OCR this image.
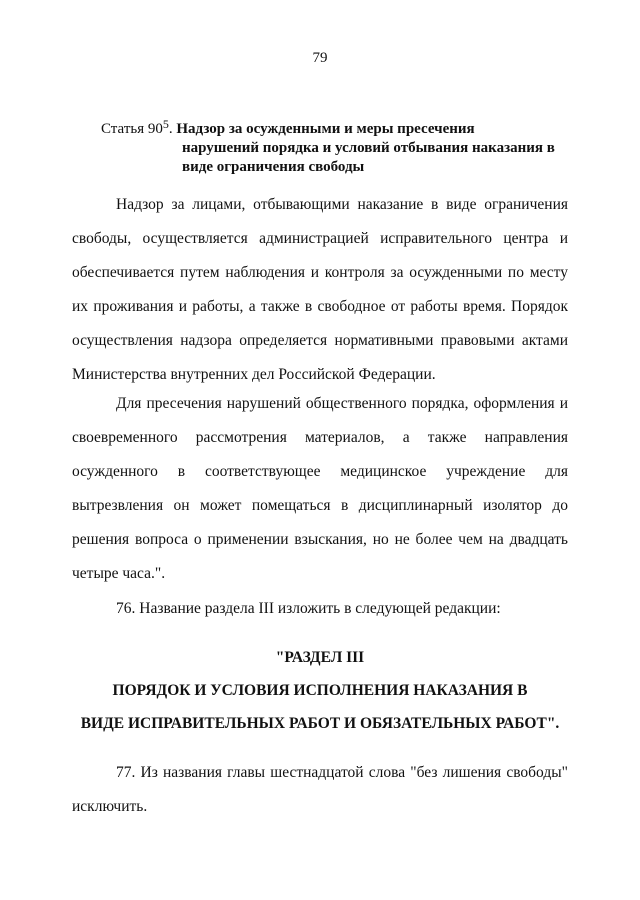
79
Статья $90^5$. Надзор за осужденными и меры пресечения
нарушений порядка и условий отбывания наказания в
виде ограничения свободы

Надзор за лицами, отбывающими наказание в виде ограничения свободы, осуществляется администрацией исправительного центра и обеспечивается путем наблюдения и контроля за осужденными по месту их проживания и работы, а также в свободное от работы время. Порядок осуществления надзора определяется нормативными правовыми актами Министерства внутренних дел Российской Федерации.

Для пресечения нарушений общественного порядка, оформления и своевременного рассмотрения материалов, а также направления осужденного в соответствующее медицинское учреждение для вытрезвления он может помещаться в дисциплинарный изолятор до решения вопроса о применении взыскания, но не более чем на двадцать четыре часа.".

76. Название раздела III изложить в следующей редакции:

"РАЗДЕЛ III
ПОРЯДОК И УСЛОВИЯ ИСПОЛНЕНИЯ НАКАЗАНИЯ В
ВИДЕ ИСПРАВИТЕЛЬНЫХ РАБОТ И ОБЯЗАТЕЛЬНЫХ РАБОТ".

77. Из названия главы шестнадцатой слова "без лишения свободы" исключить.
